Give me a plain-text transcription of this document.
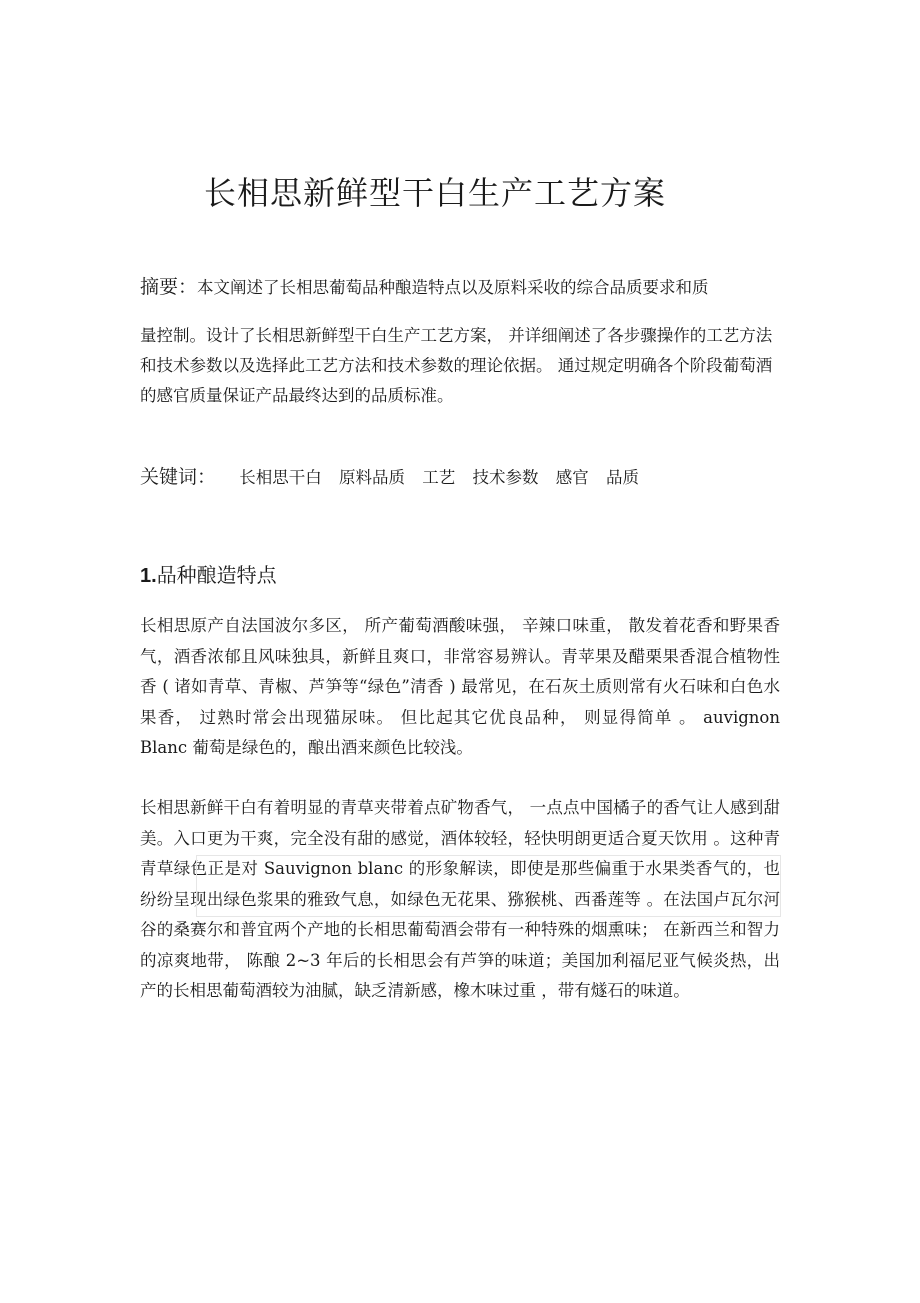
长相思新鲜型干白生产工艺方案
摘要：本文阐述了长相思葡萄品种酿造特点以及原料采收的综合品质要求和质
量控制。设计了长相思新鲜型干白生产工艺方案， 并详细阐述了各步骤操作的工艺方法和技术参数以及选择此工艺方法和技术参数的理论依据。 通过规定明确各个阶段葡萄酒的感官质量保证产品最终达到的品质标准。
关键词： 长相思干白 原料品质 工艺 技术参数 感官 品质
1.品种酿造特点

长相思原产自法国波尔多区， 所产葡萄酒酸味强， 辛辣口味重， 散发着花香和野果香气，酒香浓郁且风味独具，新鲜且爽口，非常容易辨认。青苹果及醋栗果香混合植物性香 ( 诸如青草、青椒、芦笋等“绿色”清香 ) 最常见，在石灰土质则常有火石味和白色水果香， 过熟时常会出现猫尿味。 但比起其它优良品种， 则显得简单 。 auvignon Blanc 葡萄是绿色的，酿出酒来颜色比较浅。

长相思新鲜干白有着明显的青草夹带着点矿物香气， 一点点中国橘子的香气让人感到甜美。入口更为干爽，完全没有甜的感觉，酒体较轻，轻快明朗更适合夏天饮用 。这种青青草绿色正是对 Sauvignon blanc 的形象解读，即使是那些偏重于水果类香气的，也纷纷呈现出绿色浆果的雅致气息，如绿色无花果、猕猴桃、西番莲等 。在法国卢瓦尔河谷的桑赛尔和普宜两个产地的长相思葡萄酒会带有一种特殊的烟熏味； 在新西兰和智力的凉爽地带， 陈酿 2~3 年后的长相思会有芦笋的味道；美国加利福尼亚气候炎热，出产的长相思葡萄酒较为油腻，缺乏清新感，橡木味过重 ，带有燧石的味道。
